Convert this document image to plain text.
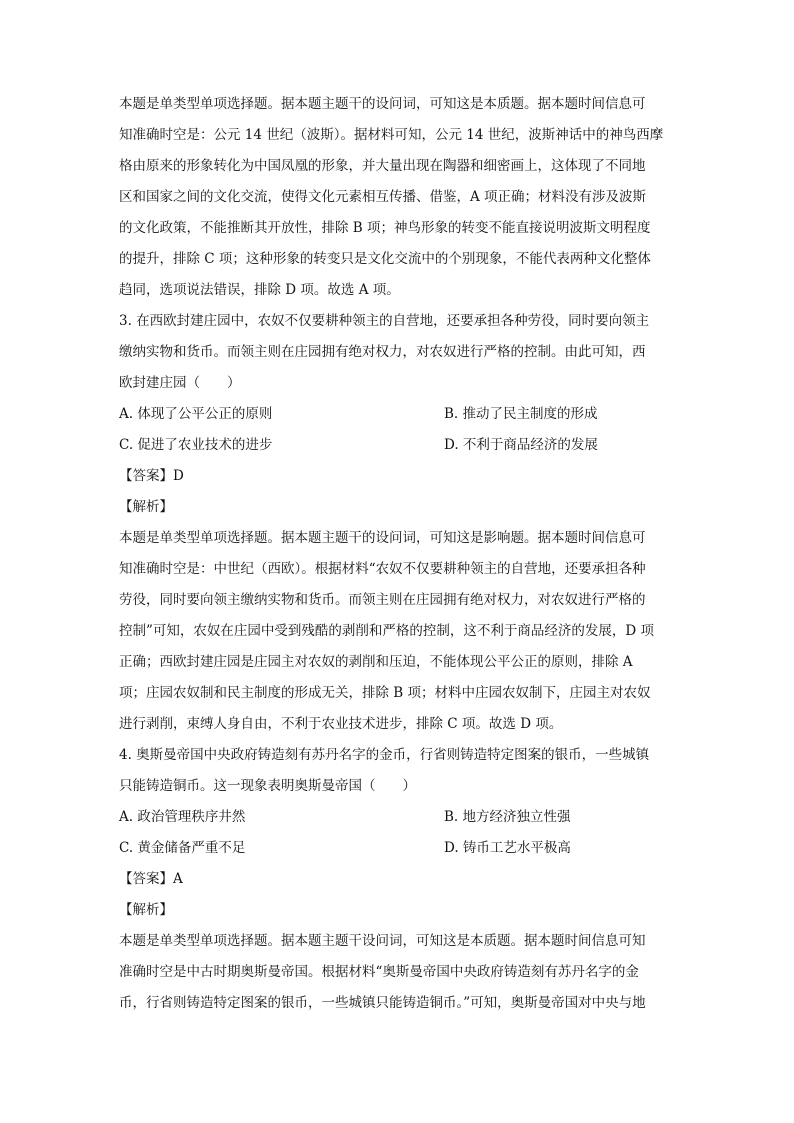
本题是单类型单项选择题。据本题主题干的设问词，可知这是本质题。据本题时间信息可
知准确时空是：公元 14 世纪（波斯）。据材料可知，公元 14 世纪，波斯神话中的神鸟西摩
格由原来的形象转化为中国凤凰的形象，并大量出现在陶器和细密画上，这体现了不同地
区和国家之间的文化交流，使得文化元素相互传播、借鉴，A 项正确；材料没有涉及波斯
的文化政策，不能推断其开放性，排除 B 项；神鸟形象的转变不能直接说明波斯文明程度
的提升，排除 C 项；这种形象的转变只是文化交流中的个别现象，不能代表两种文化整体
趋同，选项说法错误，排除 D 项。故选 A 项。
3. 在西欧封建庄园中，农奴不仅要耕种领主的自营地，还要承担各种劳役，同时要向领主
缴纳实物和货币。而领主则在庄园拥有绝对权力，对农奴进行严格的控制。由此可知，西
欧封建庄园（　　）
A. 体现了公平公正的原则	B. 推动了民主制度的形成
C. 促进了农业技术的进步	D. 不利于商品经济的发展
【答案】D
【解析】
本题是单类型单项选择题。据本题主题干的设问词，可知这是影响题。据本题时间信息可
知准确时空是：中世纪（西欧）。根据材料“农奴不仅要耕种领主的自营地，还要承担各种
劳役，同时要向领主缴纳实物和货币。而领主则在庄园拥有绝对权力，对农奴进行严格的
控制”可知，农奴在庄园中受到残酷的剥削和严格的控制，这不利于商品经济的发展，D 项
正确；西欧封建庄园是庄园主对农奴的剥削和压迫，不能体现公平公正的原则，排除 A
项；庄园农奴制和民主制度的形成无关，排除 B 项；材料中庄园农奴制下，庄园主对农奴
进行剥削，束缚人身自由，不利于农业技术进步，排除 C 项。故选 D 项。
4. 奥斯曼帝国中央政府铸造刻有苏丹名字的金币，行省则铸造特定图案的银币，一些城镇
只能铸造铜币。这一现象表明奥斯曼帝国（　　）
A. 政治管理秩序井然	B. 地方经济独立性强
C. 黄金储备严重不足	D. 铸币工艺水平极高
【答案】A
【解析】
本题是单类型单项选择题。据本题主题干设问词，可知这是本质题。据本题时间信息可知
准确时空是中古时期奥斯曼帝国。根据材料“奥斯曼帝国中央政府铸造刻有苏丹名字的金
币，行省则铸造特定图案的银币，一些城镇只能铸造铜币。”可知，奥斯曼帝国对中央与地
